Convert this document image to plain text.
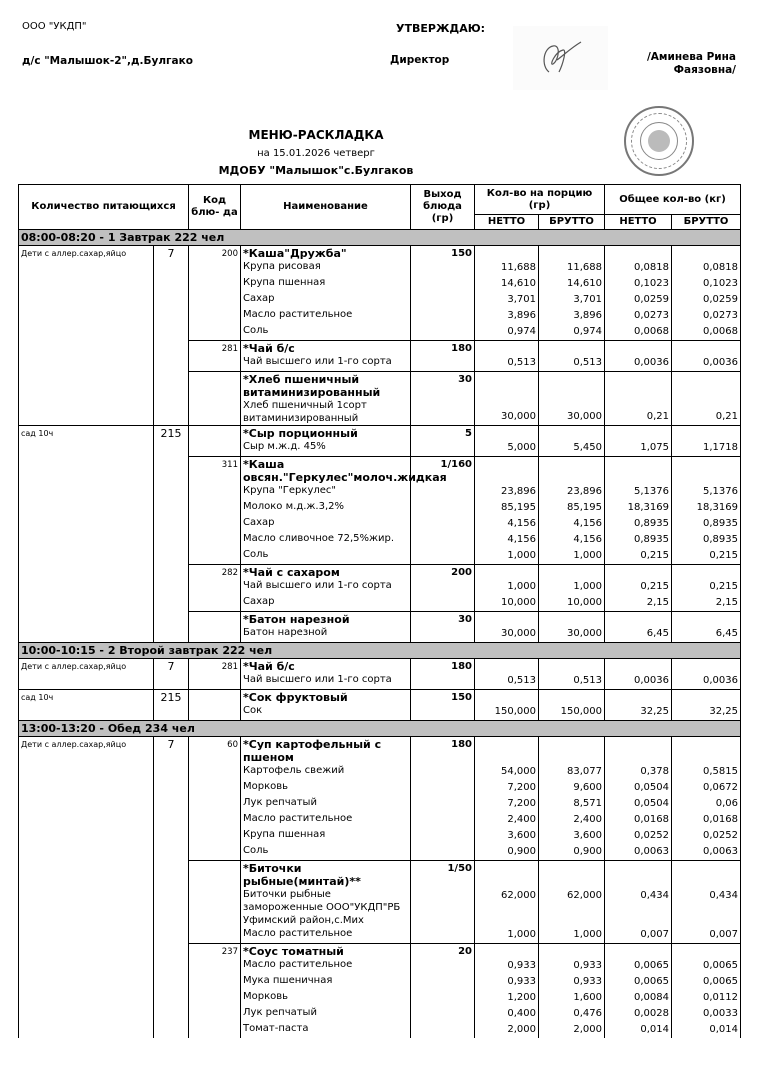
ООО "УКДП"
д/с "Малышок-2",д.Булгако
УТВЕРЖДАЮ:
Директор	/Аминева Рина Фаязовна/
МЕНЮ-РАСКЛАДКА
на 15.01.2026 четверг
МДОБУ "Малышок"с.Булгаков
Количество питающихся		Код блю- да	Наименование	Выход блюда (гр)	Кол-во на порцию (гр)		Общее кол-во (кг)	
					НЕТТО	БРУТТО	НЕТТО	БРУТТО
08:00-08:20 - 1 Завтрак 222 чел								
Дети с аллер.сахар,яйцо	7	200	*Каша"Дружба"	150				
			Крупа рисовая		11,688	11,688	0,0818	0,0818
			Крупа пшенная		14,610	14,610	0,1023	0,1023
			Сахар		3,701	3,701	0,0259	0,0259
			Масло растительное		3,896	3,896	0,0273	0,0273
			Соль		0,974	0,974	0,0068	0,0068
		281	*Чай б/с	180				
			Чай высшего или 1-го сорта		0,513	0,513	0,0036	0,0036
			*Хлеб пшеничный витаминизированный	30				
			Хлеб пшеничный 1сорт витаминизированный		30,000	30,000	0,21	0,21
сад 10ч	215		*Сыр порционный	5				
			Сыр м.ж.д. 45%		5,000	5,450	1,075	1,1718
		311	*Каша овсян."Геркулес"молоч.жидкая	1/160				
			Крупа "Геркулес"		23,896	23,896	5,1376	5,1376
			Молоко м.д.ж.3,2%		85,195	85,195	18,3169	18,3169
			Сахар		4,156	4,156	0,8935	0,8935
			Масло сливочное 72,5%жир.		4,156	4,156	0,8935	0,8935
			Соль		1,000	1,000	0,215	0,215
		282	*Чай с сахаром	200				
			Чай высшего или 1-го сорта		1,000	1,000	0,215	0,215
			Сахар		10,000	10,000	2,15	2,15
			*Батон нарезной	30				
			Батон нарезной		30,000	30,000	6,45	6,45
10:00-10:15 - 2 Второй завтрак 222 чел								
Дети с аллер.сахар,яйцо	7	281	*Чай б/с	180				
			Чай высшего или 1-го сорта		0,513	0,513	0,0036	0,0036
сад 10ч	215		*Сок фруктовый	150				
			Сок		150,000	150,000	32,25	32,25
13:00-13:20 - Обед 234 чел								
Дети с аллер.сахар,яйцо	7	60	*Суп картофельный с пшеном	180				
			Картофель свежий		54,000	83,077	0,378	0,5815
			Морковь		7,200	9,600	0,0504	0,0672
			Лук репчатый		7,200	8,571	0,0504	0,06
			Масло растительное		2,400	2,400	0,0168	0,0168
			Крупа пшенная		3,600	3,600	0,0252	0,0252
			Соль		0,900	0,900	0,0063	0,0063
			*Биточки рыбные(минтай)**	1/50				
			Биточки рыбные замороженные ООО"УКДП"РБ Уфимский район,с.Мих		62,000	62,000	0,434	0,434
			Масло растительное		1,000	1,000	0,007	0,007
		237	*Соус томатный	20				
			Масло растительное		0,933	0,933	0,0065	0,0065
			Мука пшеничная		0,933	0,933	0,0065	0,0065
			Морковь		1,200	1,600	0,0084	0,0112
			Лук репчатый		0,400	0,476	0,0028	0,0033
			Томат-паста		2,000	2,000	0,014	0,014
